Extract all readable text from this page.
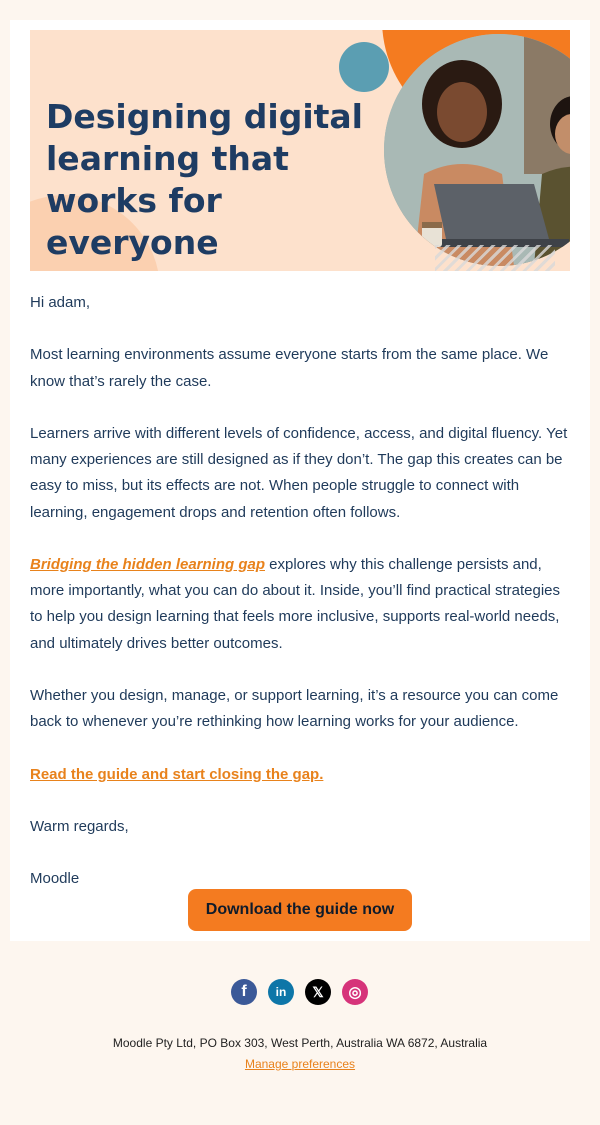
Designing digital learning that works for everyone

Hi adam,

Most learning environments assume everyone starts from the same place. We know that’s rarely the case.

Learners arrive with different levels of confidence, access, and digital fluency. Yet many experiences are still designed as if they don’t. The gap this creates can be easy to miss, but its effects are not. When people struggle to connect with learning, engagement drops and retention often follows.

Bridging the hidden learning gap explores why this challenge persists and, more importantly, what you can do about it. Inside, you’ll find practical strategies to help you design learning that feels more inclusive, supports real-world needs, and ultimately drives better outcomes.

Whether you design, manage, or support learning, it’s a resource you can come back to whenever you’re rethinking how learning works for your audience.

Read the guide and start closing the gap.

Warm regards,

Moodle

Download the guide now
f	in	𝕏	◎
Moodle Pty Ltd, PO Box 303, West Perth, Australia WA 6872, Australia
Manage preferences
